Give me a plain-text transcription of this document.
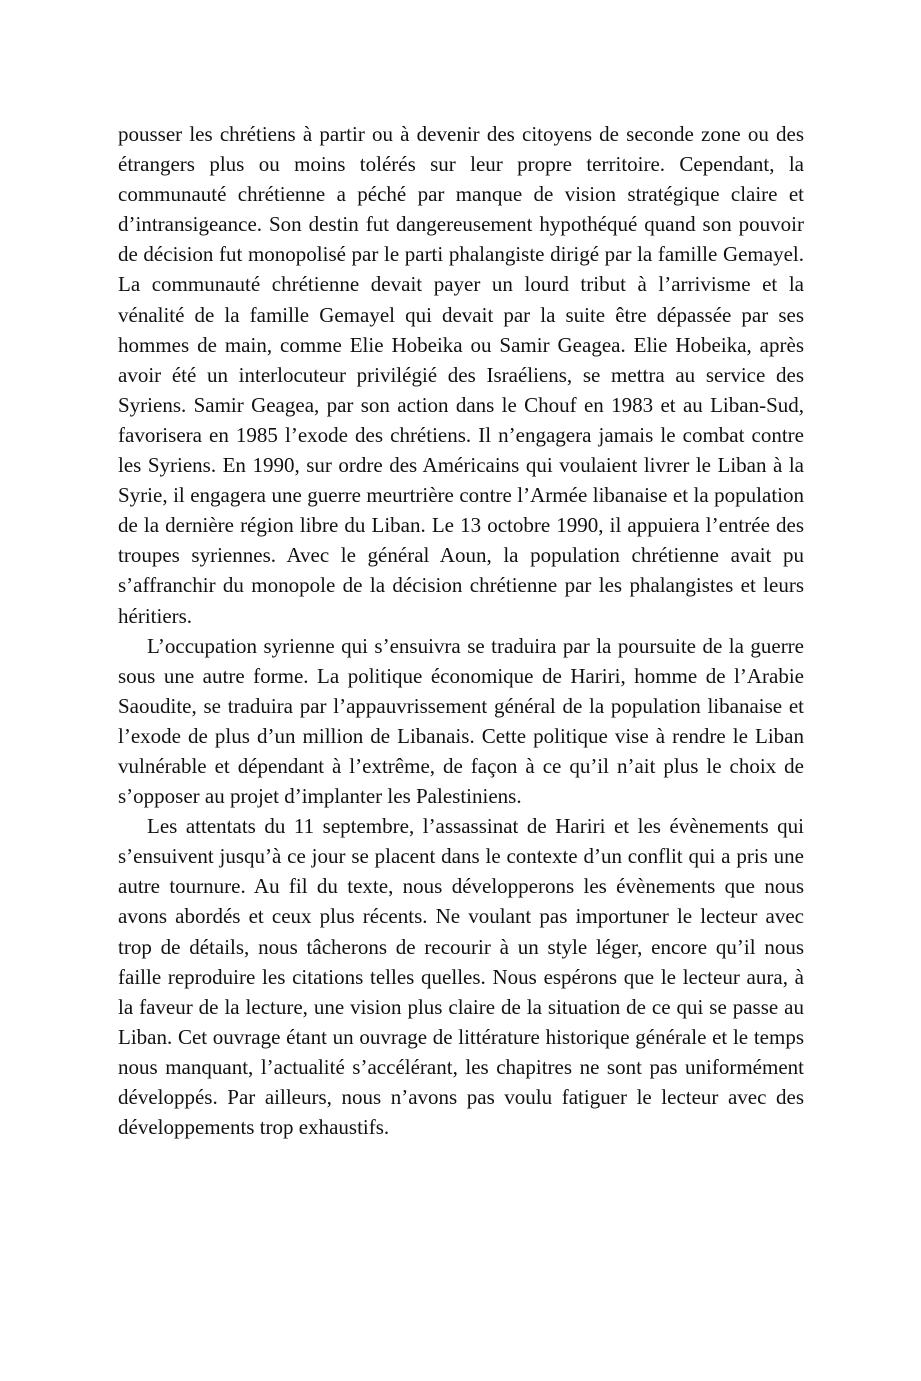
pousser les chrétiens à partir ou à devenir des citoyens de seconde zone ou des étrangers plus ou moins tolérés sur leur propre territoire. Cependant, la communauté chrétienne a péché par manque de vision stratégique claire et d’intransigeance. Son destin fut dangereusement hypothéqué quand son pouvoir de décision fut monopolisé par le parti phalangiste dirigé par la famille Gemayel. La communauté chrétienne devait payer un lourd tribut à l’arrivisme et la vénalité de la famille Gemayel qui devait par la suite être dépassée par ses hommes de main, comme Elie Hobeika ou Samir Geagea. Elie Hobeika, après avoir été un interlocuteur privilégié des Israéliens, se mettra au service des Syriens. Samir Geagea, par son action dans le Chouf en 1983 et au Liban-Sud, favorisera en 1985 l’exode des chrétiens. Il n’engagera jamais le combat contre les Syriens. En 1990, sur ordre des Américains qui voulaient livrer le Liban à la Syrie, il engagera une guerre meurtrière contre l’Armée libanaise et la population de la dernière région libre du Liban. Le 13 octobre 1990, il appuiera l’entrée des troupes syriennes. Avec le général Aoun, la population chrétienne avait pu s’affranchir du monopole de la décision chrétienne par les phalangistes et leurs héritiers.

L’occupation syrienne qui s’ensuivra se traduira par la poursuite de la guerre sous une autre forme. La politique économique de Hariri, homme de l’Arabie Saoudite, se traduira par l’appauvrissement général de la population libanaise et l’exode de plus d’un million de Libanais. Cette politique vise à rendre le Liban vulnérable et dépendant à l’extrême, de façon à ce qu’il n’ait plus le choix de s’opposer au projet d’implanter les Palestiniens.

Les attentats du 11 septembre, l’assassinat de Hariri et les évènements qui s’ensuivent jusqu’à ce jour se placent dans le contexte d’un conflit qui a pris une autre tournure. Au fil du texte, nous développerons les évènements que nous avons abordés et ceux plus récents. Ne voulant pas importuner le lecteur avec trop de détails, nous tâcherons de recourir à un style léger, encore qu’il nous faille reproduire les citations telles quelles. Nous espérons que le lecteur aura, à la faveur de la lecture, une vision plus claire de la situation de ce qui se passe au Liban. Cet ouvrage étant un ouvrage de littérature historique générale et le temps nous manquant, l’actualité s’accélérant, les chapitres ne sont pas uniformément développés. Par ailleurs, nous n’avons pas voulu fatiguer le lecteur avec des développements trop exhaustifs.
